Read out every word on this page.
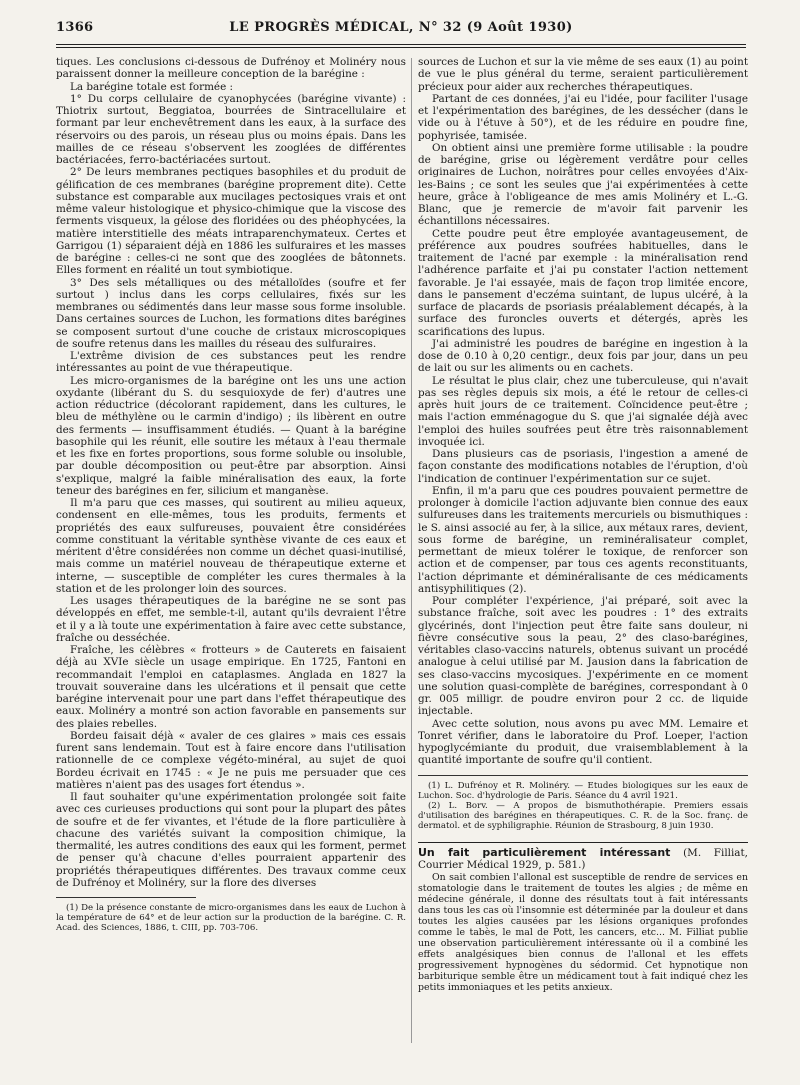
1366	LE PROGRÈS MÉDICAL, N° 32 (9 Août 1930)

tiques. Les conclusions ci-dessous de Dufrénoy et Molinéry nous paraissent donner la meilleure conception de la barégine :

La barégine totale est formée :

1° Du corps cellulaire de cyanophycées (barégine vivante) : Thiotrix surtout, Beggiatoa, bourrées de Sintracellulaire et formant par leur enchevêtrement dans les eaux, à la surface des réservoirs ou des parois, un réseau plus ou moins épais. Dans les mailles de ce réseau s'observent les zooglées de différentes bactériacées, ferro-bactériacées surtout.

2° De leurs membranes pectiques basophiles et du produit de gélification de ces membranes (barégine proprement dite). Cette substance est comparable aux mucilages pectosiques vrais et ont même valeur histologique et physico-chimique que la viscose des ferments visqueux, la gélose des floridées ou des phéophycées, la matière interstitielle des méats intraparenchymateux. Certes et Garrigou (1) séparaient déjà en 1886 les sulfuraires et les masses de barégine : celles-ci ne sont que des zooglées de bâtonnets. Elles forment en réalité un tout symbiotique.

3° Des sels métalliques ou des métalloïdes (soufre et fer surtout ) inclus dans les corps cellulaires, fixés sur les membranes ou sédimentés dans leur masse sous forme insoluble. Dans certaines sources de Luchon, les formations dites barégines se composent surtout d'une couche de cristaux microscopiques de soufre retenus dans les mailles du réseau des sulfuraires.

L'extrême division de ces substances peut les rendre intéressantes au point de vue thérapeutique.

Les micro-organismes de la barégine ont les uns une action oxydante (libérant du S. du sesquioxyde de fer) d'autres une action réductrice (décolorant rapidement, dans les cultures, le bleu de méthylène ou le carmin d'indigo) ; ils libèrent en outre des ferments — insuffisamment étudiés. — Quant à la barégine basophile qui les réunit, elle soutire les métaux à l'eau thermale et les fixe en fortes proportions, sous forme soluble ou insoluble, par double décomposition ou peut-être par absorption. Ainsi s'explique, malgré la faible minéralisation des eaux, la forte teneur des barégines en fer, silicium et manganèse.

Il m'a paru que ces masses, qui soutirent au milieu aqueux, condensent en elle-mêmes, tous les produits, ferments et propriétés des eaux sulfureuses, pouvaient être considérées comme constituant la véritable synthèse vivante de ces eaux et méritent d'être considérées non comme un déchet quasi-inutilisé, mais comme un matériel nouveau de thérapeutique externe et interne, — susceptible de compléter les cures thermales à la station et de les prolonger loin des sources.

Les usages thérapeutiques de la barégine ne se sont pas développés en effet, me semble-t-il, autant qu'ils devraient l'être et il y a là toute une expérimentation à faire avec cette substance, fraîche ou desséchée.

Fraîche, les célèbres « frotteurs » de Cauterets en faisaient déjà au XVIe siècle un usage empirique. En 1725, Fantoni en recommandait l'emploi en cataplasmes. Anglada en 1827 la trouvait souveraine dans les ulcérations et il pensait que cette barégine intervenait pour une part dans l'effet thérapeutique des eaux. Molinéry a montré son action favorable en pansements sur des plaies rebelles.

Bordeu faisait déjà « avaler de ces glaires » mais ces essais furent sans lendemain. Tout est à faire encore dans l'utilisation rationnelle de ce complexe végéto-minéral, au sujet de quoi Bordeu écrivait en 1745 : « Je ne puis me persuader que ces matières n'aient pas des usages fort étendus ».

Il faut souhaiter qu'une expérimentation prolongée soit faite avec ces curieuses productions qui sont pour la plupart des pâtes de soufre et de fer vivantes, et l'étude de la flore particulière à chacune des variétés suivant la composition chimique, la thermalité, les autres conditions des eaux qui les forment, permet de penser qu'à chacune d'elles pourraient appartenir des propriétés thérapeutiques différentes. Des travaux comme ceux de Dufrénoy et Molinéry, sur la flore des diverses

(1) De la présence constante de micro-organismes dans les eaux de Luchon à la température de 64° et de leur action sur la production de la barégine. C. R. Acad. des Sciences, 1886, t. CIII, pp. 703-706.

sources de Luchon et sur la vie même de ses eaux (1) au point de vue le plus général du terme, seraient particulièrement précieux pour aider aux recherches thérapeutiques.

Partant de ces données, j'ai eu l'idée, pour faciliter l'usage et l'expérimentation des barégines, de les dessécher (dans le vide ou à l'étuve à 50°), et de les réduire en poudre fine, pophyrisée, tamisée.

On obtient ainsi une première forme utilisable : la poudre de barégine, grise ou légèrement verdâtre pour celles originaires de Luchon, noirâtres pour celles envoyées d'Aix-les-Bains ; ce sont les seules que j'ai expérimentées à cette heure, grâce à l'obligeance de mes amis Molinéry et L.-G. Blanc, que je remercie de m'avoir fait parvenir les échantillons nécessaires.

Cette poudre peut être employée avantageusement, de préférence aux poudres soufrées habituelles, dans le traitement de l'acné par exemple : la minéralisation rend l'adhérence parfaite et j'ai pu constater l'action nettement favorable. Je l'ai essayée, mais de façon trop limitée encore, dans le pansement d'eczéma suintant, de lupus ulcéré, à la surface de placards de psoriasis préalablement décapés, à la surface des furoncles ouverts et détergés, après les scarifications des lupus.

J'ai administré les poudres de barégine en ingestion à la dose de 0.10 à 0,20 centigr., deux fois par jour, dans un peu de lait ou sur les aliments ou en cachets.

Le résultat le plus clair, chez une tuberculeuse, qui n'avait pas ses règles depuis six mois, a été le retour de celles-ci après huit jours de ce traitement. Coïncidence peut-être ; mais l'action emménagogue du S. que j'ai signalée déjà avec l'emploi des huiles soufrées peut être très raisonnablement invoquée ici.

Dans plusieurs cas de psoriasis, l'ingestion a amené de façon constante des modifications notables de l'éruption, d'où l'indication de continuer l'expérimentation sur ce sujet.

Enfin, il m'a paru que ces poudres pouvaient permettre de prolonger à domicile l'action adjuvante bien connue des eaux sulfureuses dans les traitements mercuriels ou bismuthiques : le S. ainsi associé au fer, à la silice, aux métaux rares, devient, sous forme de barégine, un reminéralisateur complet, permettant de mieux tolérer le toxique, de renforcer son action et de compenser, par tous ces agents reconstituants, l'action déprimante et déminéralisante de ces médicaments antisyphilitiques (2).

Pour compléter l'expérience, j'ai préparé, soit avec la substance fraîche, soit avec les poudres : 1° des extraits glycérinés, dont l'injection peut être faite sans douleur, ni fièvre consécutive sous la peau, 2° des claso-barégines, véritables claso-vaccins naturels, obtenus suivant un procédé analogue à celui utilisé par M. Jausion dans la fabrication de ses claso-vaccins mycosiques. J'expérimente en ce moment une solution quasi-complète de barégines, correspondant à 0 gr. 005 milligr. de poudre environ pour 2 cc. de liquide injectable.

Avec cette solution, nous avons pu avec MM. Lemaire et Tonret vérifier, dans le laboratoire du Prof. Loeper, l'action hypoglycémiante du produit, due vraisemblablement à la quantité importante de soufre qu'il contient.

(1) L. Dufrénoy et R. Molinéry. — Etudes biologiques sur les eaux de Luchon. Soc. d'hydrologie de Paris. Séance du 4 avril 1921.

(2) L. Borv. — A propos de bismuthothérapie. Premiers essais d'utilisation des barégines en thérapeutiques. C. R. de la Soc. franç. de dermatol. et de syphiligraphie. Réunion de Strasbourg, 8 juin 1930.

Un fait particulièrement intéressant (M. Filliat, Courrier Médical 1929, p. 581.)

On sait combien l'allonal est susceptible de rendre de services en stomatologie dans le traitement de toutes les algies ; de même en médecine générale, il donne des résultats tout à fait intéressants dans tous les cas où l'insomnie est déterminée par la douleur et dans toutes les algies causées par les lésions organiques profondes comme le tabès, le mal de Pott, les cancers, etc... M. Filliat publie une observation particulièrement intéressante où il a combiné les effets analgésiques bien connus de l'allonal et les effets progressivement hypnogènes du sédormid. Cet hypnotique non barbiturique semble être un médicament tout à fait indiqué chez les petits immoniaques et les petits anxieux.
